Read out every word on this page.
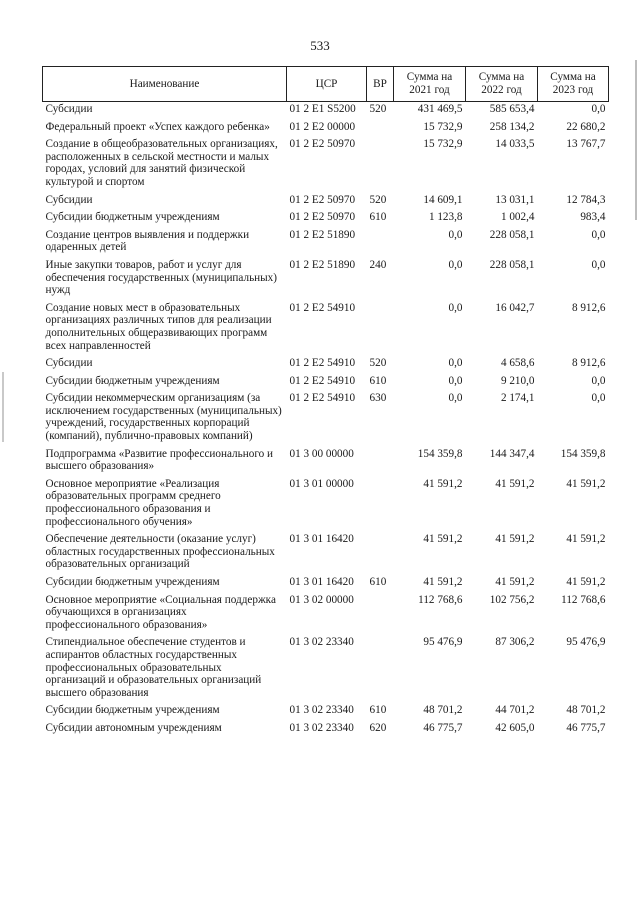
533
Наименование	ЦСР	ВР	Сумма на 2021 год	Сумма на 2022 год	Сумма на 2023 год
Субсидии	01 2 E1 S5200	520	431 469,5	585 653,4	0,0
Федеральный проект «Успех каждого ребенка»	01 2 E2 00000		15 732,9	258 134,2	22 680,2
Создание в общеобразовательных организациях, расположенных в сельской местности и малых городах, условий для занятий физической культурой и спортом	01 2 E2 50970		15 732,9	14 033,5	13 767,7
Субсидии	01 2 E2 50970	520	14 609,1	13 031,1	12 784,3
Субсидии бюджетным учреждениям	01 2 E2 50970	610	1 123,8	1 002,4	983,4
Создание центров выявления и поддержки одаренных детей	01 2 E2 51890		0,0	228 058,1	0,0
Иные закупки товаров, работ и услуг для обеспечения государственных (муниципальных) нужд	01 2 E2 51890	240	0,0	228 058,1	0,0
Создание новых мест в образовательных организациях различных типов для реализации дополнительных общеразвивающих программ всех направленностей	01 2 E2 54910		0,0	16 042,7	8 912,6
Субсидии	01 2 E2 54910	520	0,0	4 658,6	8 912,6
Субсидии бюджетным учреждениям	01 2 E2 54910	610	0,0	9 210,0	0,0
Субсидии некоммерческим организациям (за исключением государственных (муниципальных) учреждений, государственных корпораций (компаний), публично-правовых компаний)	01 2 E2 54910	630	0,0	2 174,1	0,0
Подпрограмма «Развитие профессионального и высшего образования»	01 3 00 00000		154 359,8	144 347,4	154 359,8
Основное мероприятие «Реализация образовательных программ среднего профессионального образования и профессионального обучения»	01 3 01 00000		41 591,2	41 591,2	41 591,2
Обеспечение деятельности (оказание услуг) областных государственных профессиональных образовательных организаций	01 3 01 16420		41 591,2	41 591,2	41 591,2
Субсидии бюджетным учреждениям	01 3 01 16420	610	41 591,2	41 591,2	41 591,2
Основное мероприятие «Социальная поддержка обучающихся в организациях профессионального образования»	01 3 02 00000		112 768,6	102 756,2	112 768,6
Стипендиальное обеспечение студентов и аспирантов областных государственных профессиональных образовательных организаций и образовательных организаций высшего образования	01 3 02 23340		95 476,9	87 306,2	95 476,9
Субсидии бюджетным учреждениям	01 3 02 23340	610	48 701,2	44 701,2	48 701,2
Субсидии автономным учреждениям	01 3 02 23340	620	46 775,7	42 605,0	46 775,7
